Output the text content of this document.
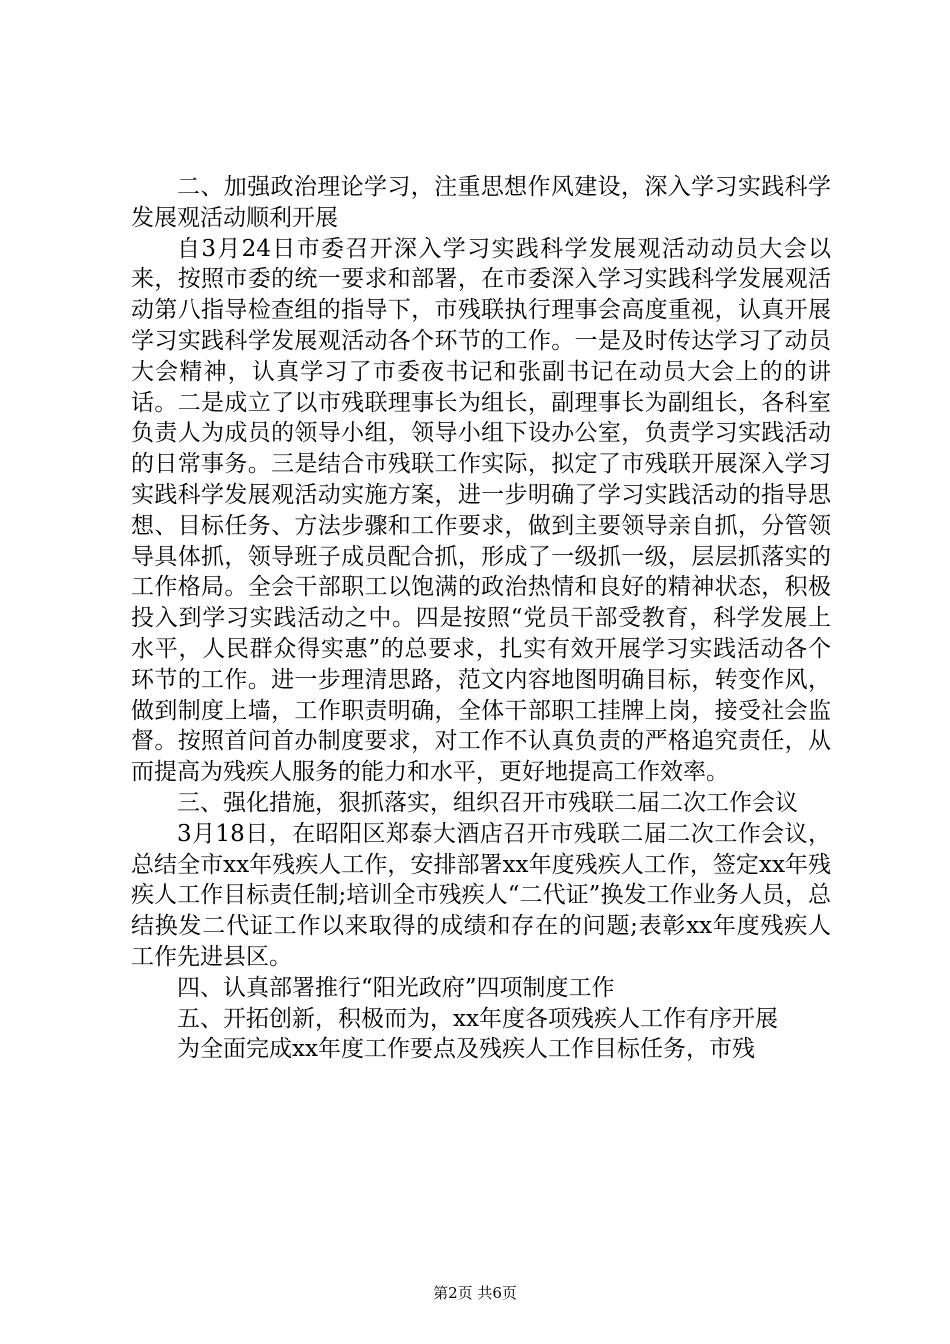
二、加强政治理论学习，注重思想作风建设，深入学习实践科学发展观活动顺利开展

自3月24日市委召开深入学习实践科学发展观活动动员大会以来，按照市委的统一要求和部署，在市委深入学习实践科学发展观活动第八指导检查组的指导下，市残联执行理事会高度重视，认真开展学习实践科学发展观活动各个环节的工作。一是及时传达学习了动员大会精神，认真学习了市委夜书记和张副书记在动员大会上的的讲话。二是成立了以市残联理事长为组长，副理事长为副组长，各科室负责人为成员的领导小组，领导小组下设办公室，负责学习实践活动的日常事务。三是结合市残联工作实际，拟定了市残联开展深入学习实践科学发展观活动实施方案，进一步明确了学习实践活动的指导思想、目标任务、方法步骤和工作要求，做到主要领导亲自抓，分管领导具体抓，领导班子成员配合抓，形成了一级抓一级，层层抓落实的工作格局。全会干部职工以饱满的政治热情和良好的精神状态，积极投入到学习实践活动之中。四是按照“党员干部受教育，科学发展上水平，人民群众得实惠”的总要求，扎实有效开展学习实践活动各个环节的工作。进一步理清思路，范文内容地图明确目标，转变作风，做到制度上墙，工作职责明确，全体干部职工挂牌上岗，接受社会监督。按照首问首办制度要求，对工作不认真负责的严格追究责任，从而提高为残疾人服务的能力和水平，更好地提高工作效率。

三、强化措施，狠抓落实，组织召开市残联二届二次工作会议

3月18日，在昭阳区郑泰大酒店召开市残联二届二次工作会议，总结全市xx年残疾人工作，安排部署xx年度残疾人工作，签定xx年残疾人工作目标责任制;培训全市残疾人“二代证”换发工作业务人员，总结换发二代证工作以来取得的成绩和存在的问题;表彰xx年度残疾人工作先进县区。

四、认真部署推行“阳光政府”四项制度工作

五、开拓创新，积极而为，xx年度各项残疾人工作有序开展

为全面完成xx年度工作要点及残疾人工作目标任务，市残

第2页 共6页
